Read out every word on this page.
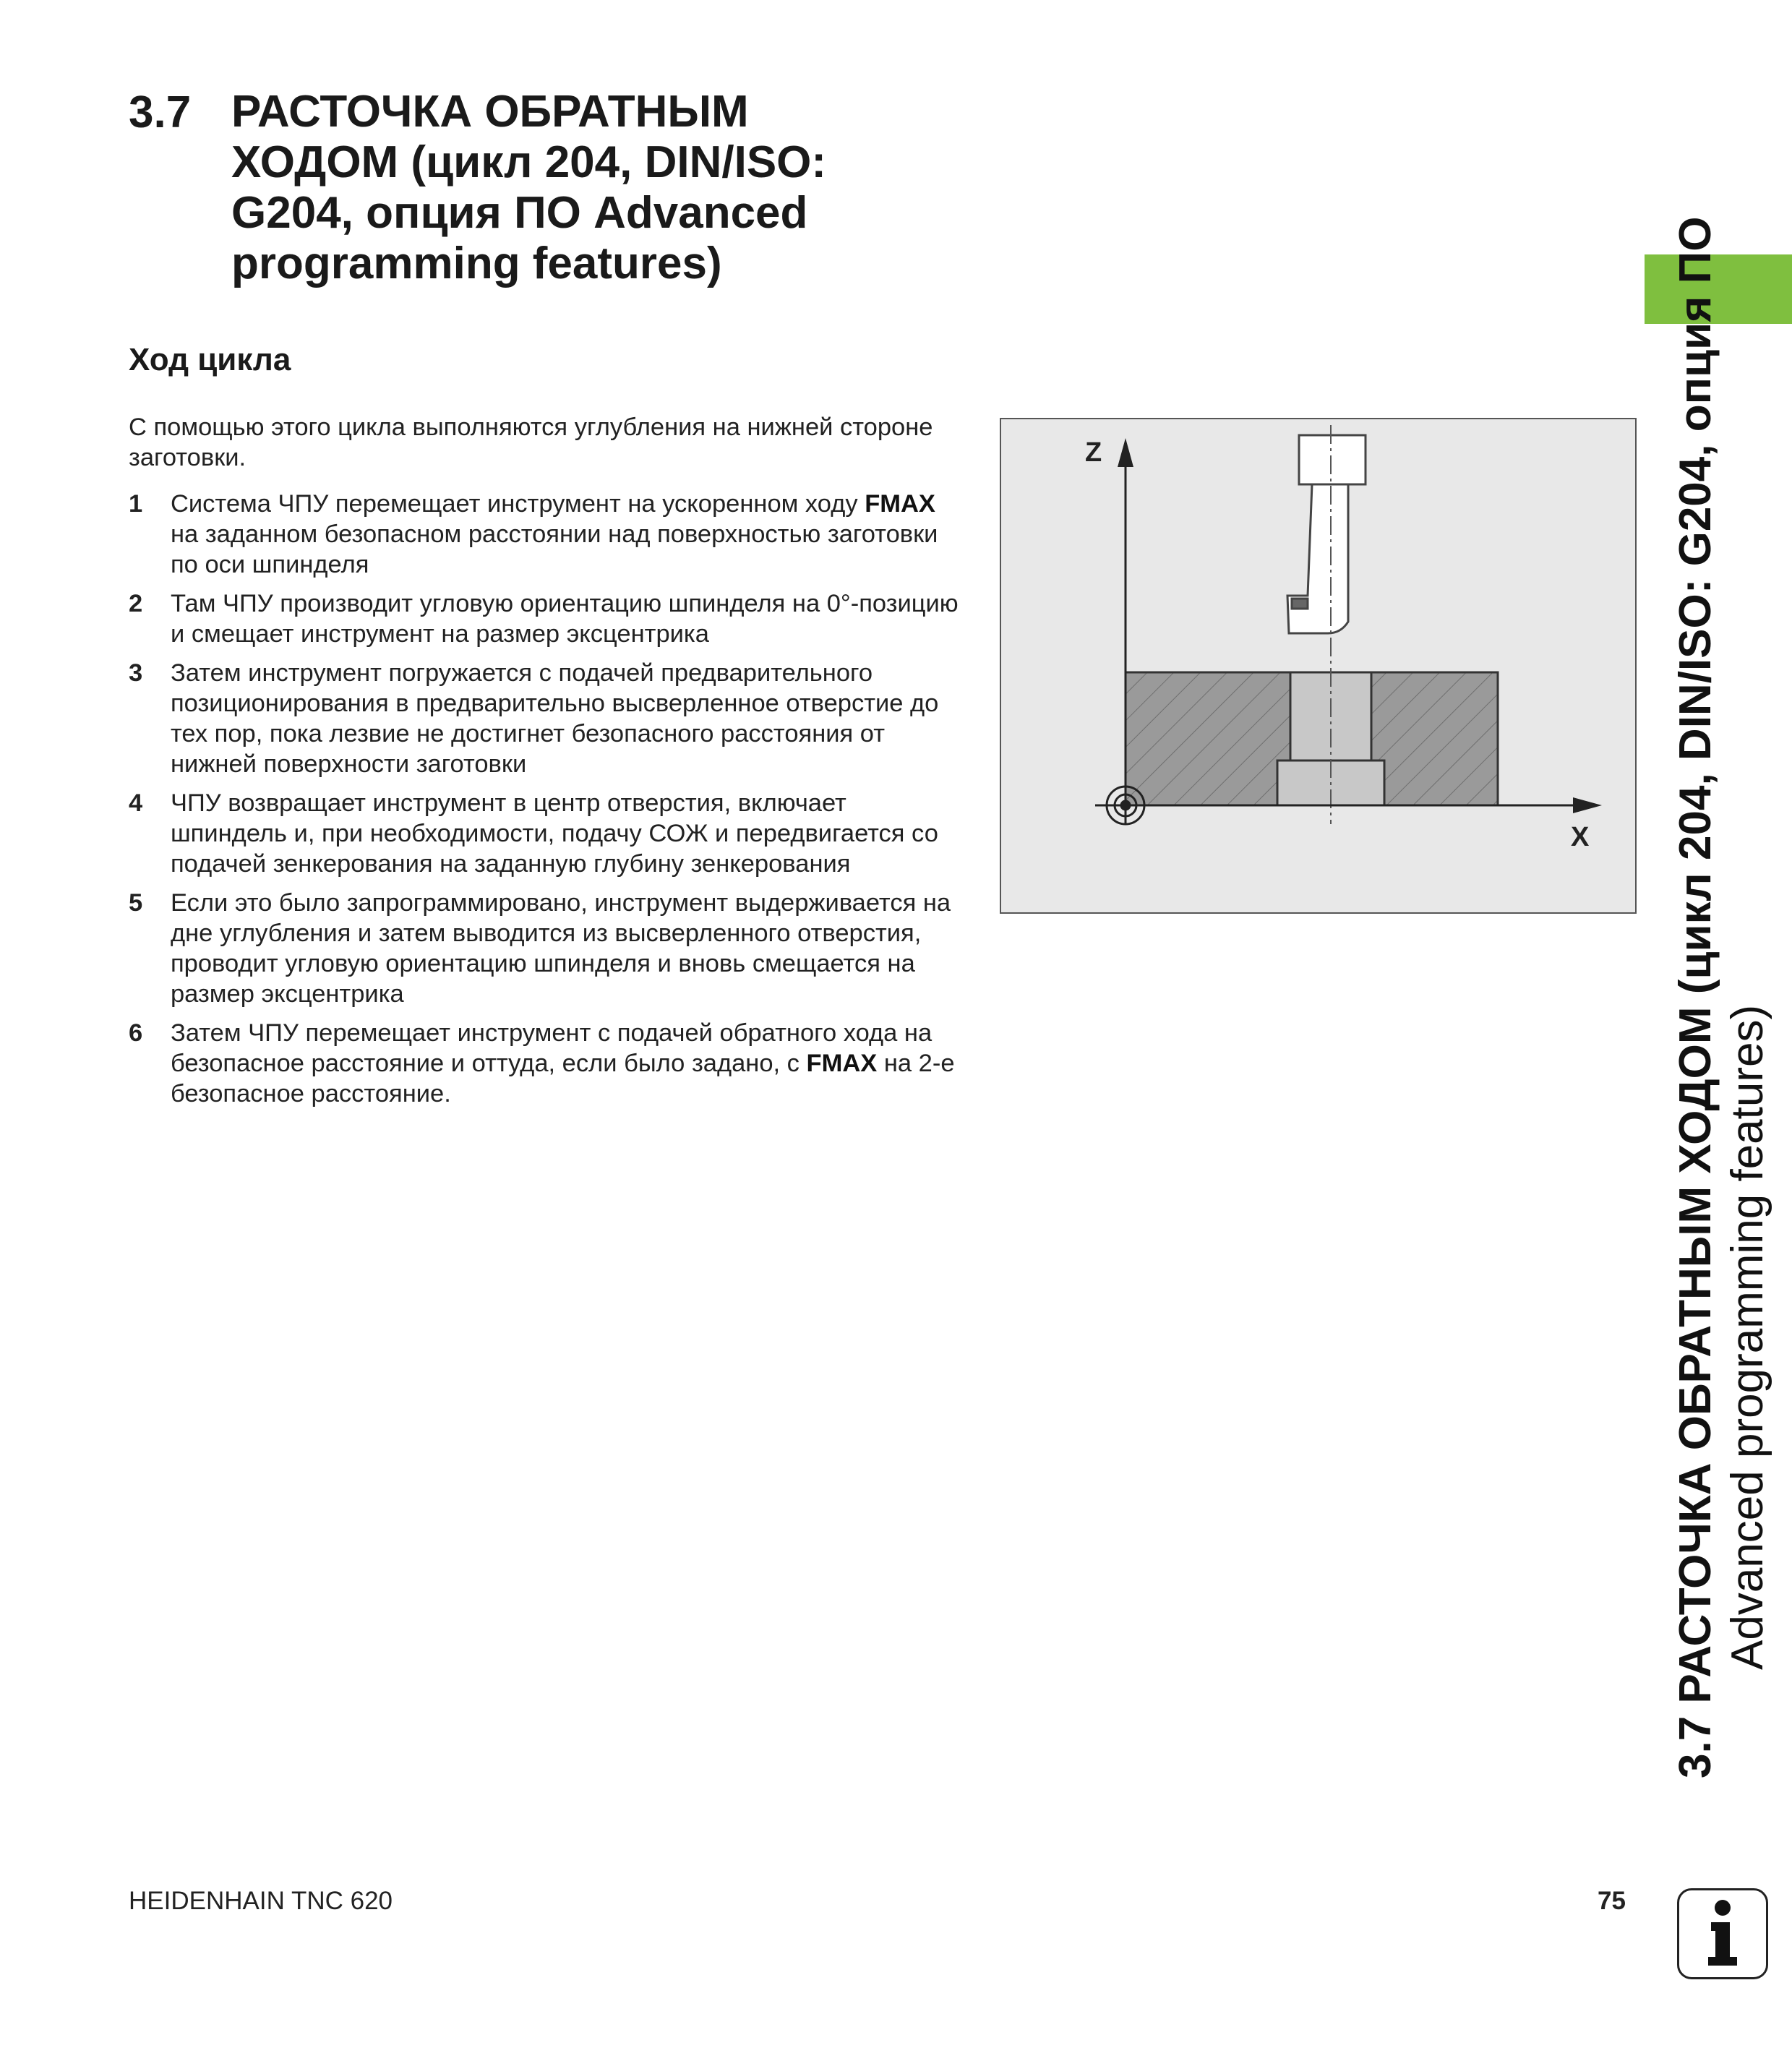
3.7 РАСТОЧКА ОБРАТНЫМ
ХОДОМ (цикл 204, DIN/ISO:
G204, опция ПО Advanced
programming features)
Ход цикла

С помощью этого цикла выполняются углубления на нижней стороне заготовки.

1	Система ЧПУ перемещает инструмент на ускоренном ходу FMAX на заданном безопасном расстоянии над поверхностью заготовки по оси шпинделя
2	Там ЧПУ производит угловую ориентацию шпинделя на 0°-позицию и смещает инструмент на размер эксцентрика
3	Затем инструмент погружается с подачей предварительного позиционирования в предварительно высверленное отверстие до тех пор, пока лезвие не достигнет безопасного расстояния от нижней поверхности заготовки
4	ЧПУ возвращает инструмент в центр отверстия, включает шпиндель и, при необходимости, подачу СОЖ и передвигается со подачей зенкерования на заданную глубину зенкерования
5	Если это было запрограммировано, инструмент выдерживается на дне углубления и затем выводится из высверленного отверстия, проводит угловую ориентацию шпинделя и вновь смещается на размер эксцентрика
6	Затем ЧПУ перемещает инструмент с подачей обратного хода на безопасное расстояние и оттуда, если было задано, с FMAX на 2-е безопасное расстояние.
Z
X 3.7 РАСТОЧКА ОБРАТНЫМ ХОДОМ (цикл 204, DIN/ISO: G204, опция ПО Advanced programming features)
HEIDENHAIN TNC 620	75
